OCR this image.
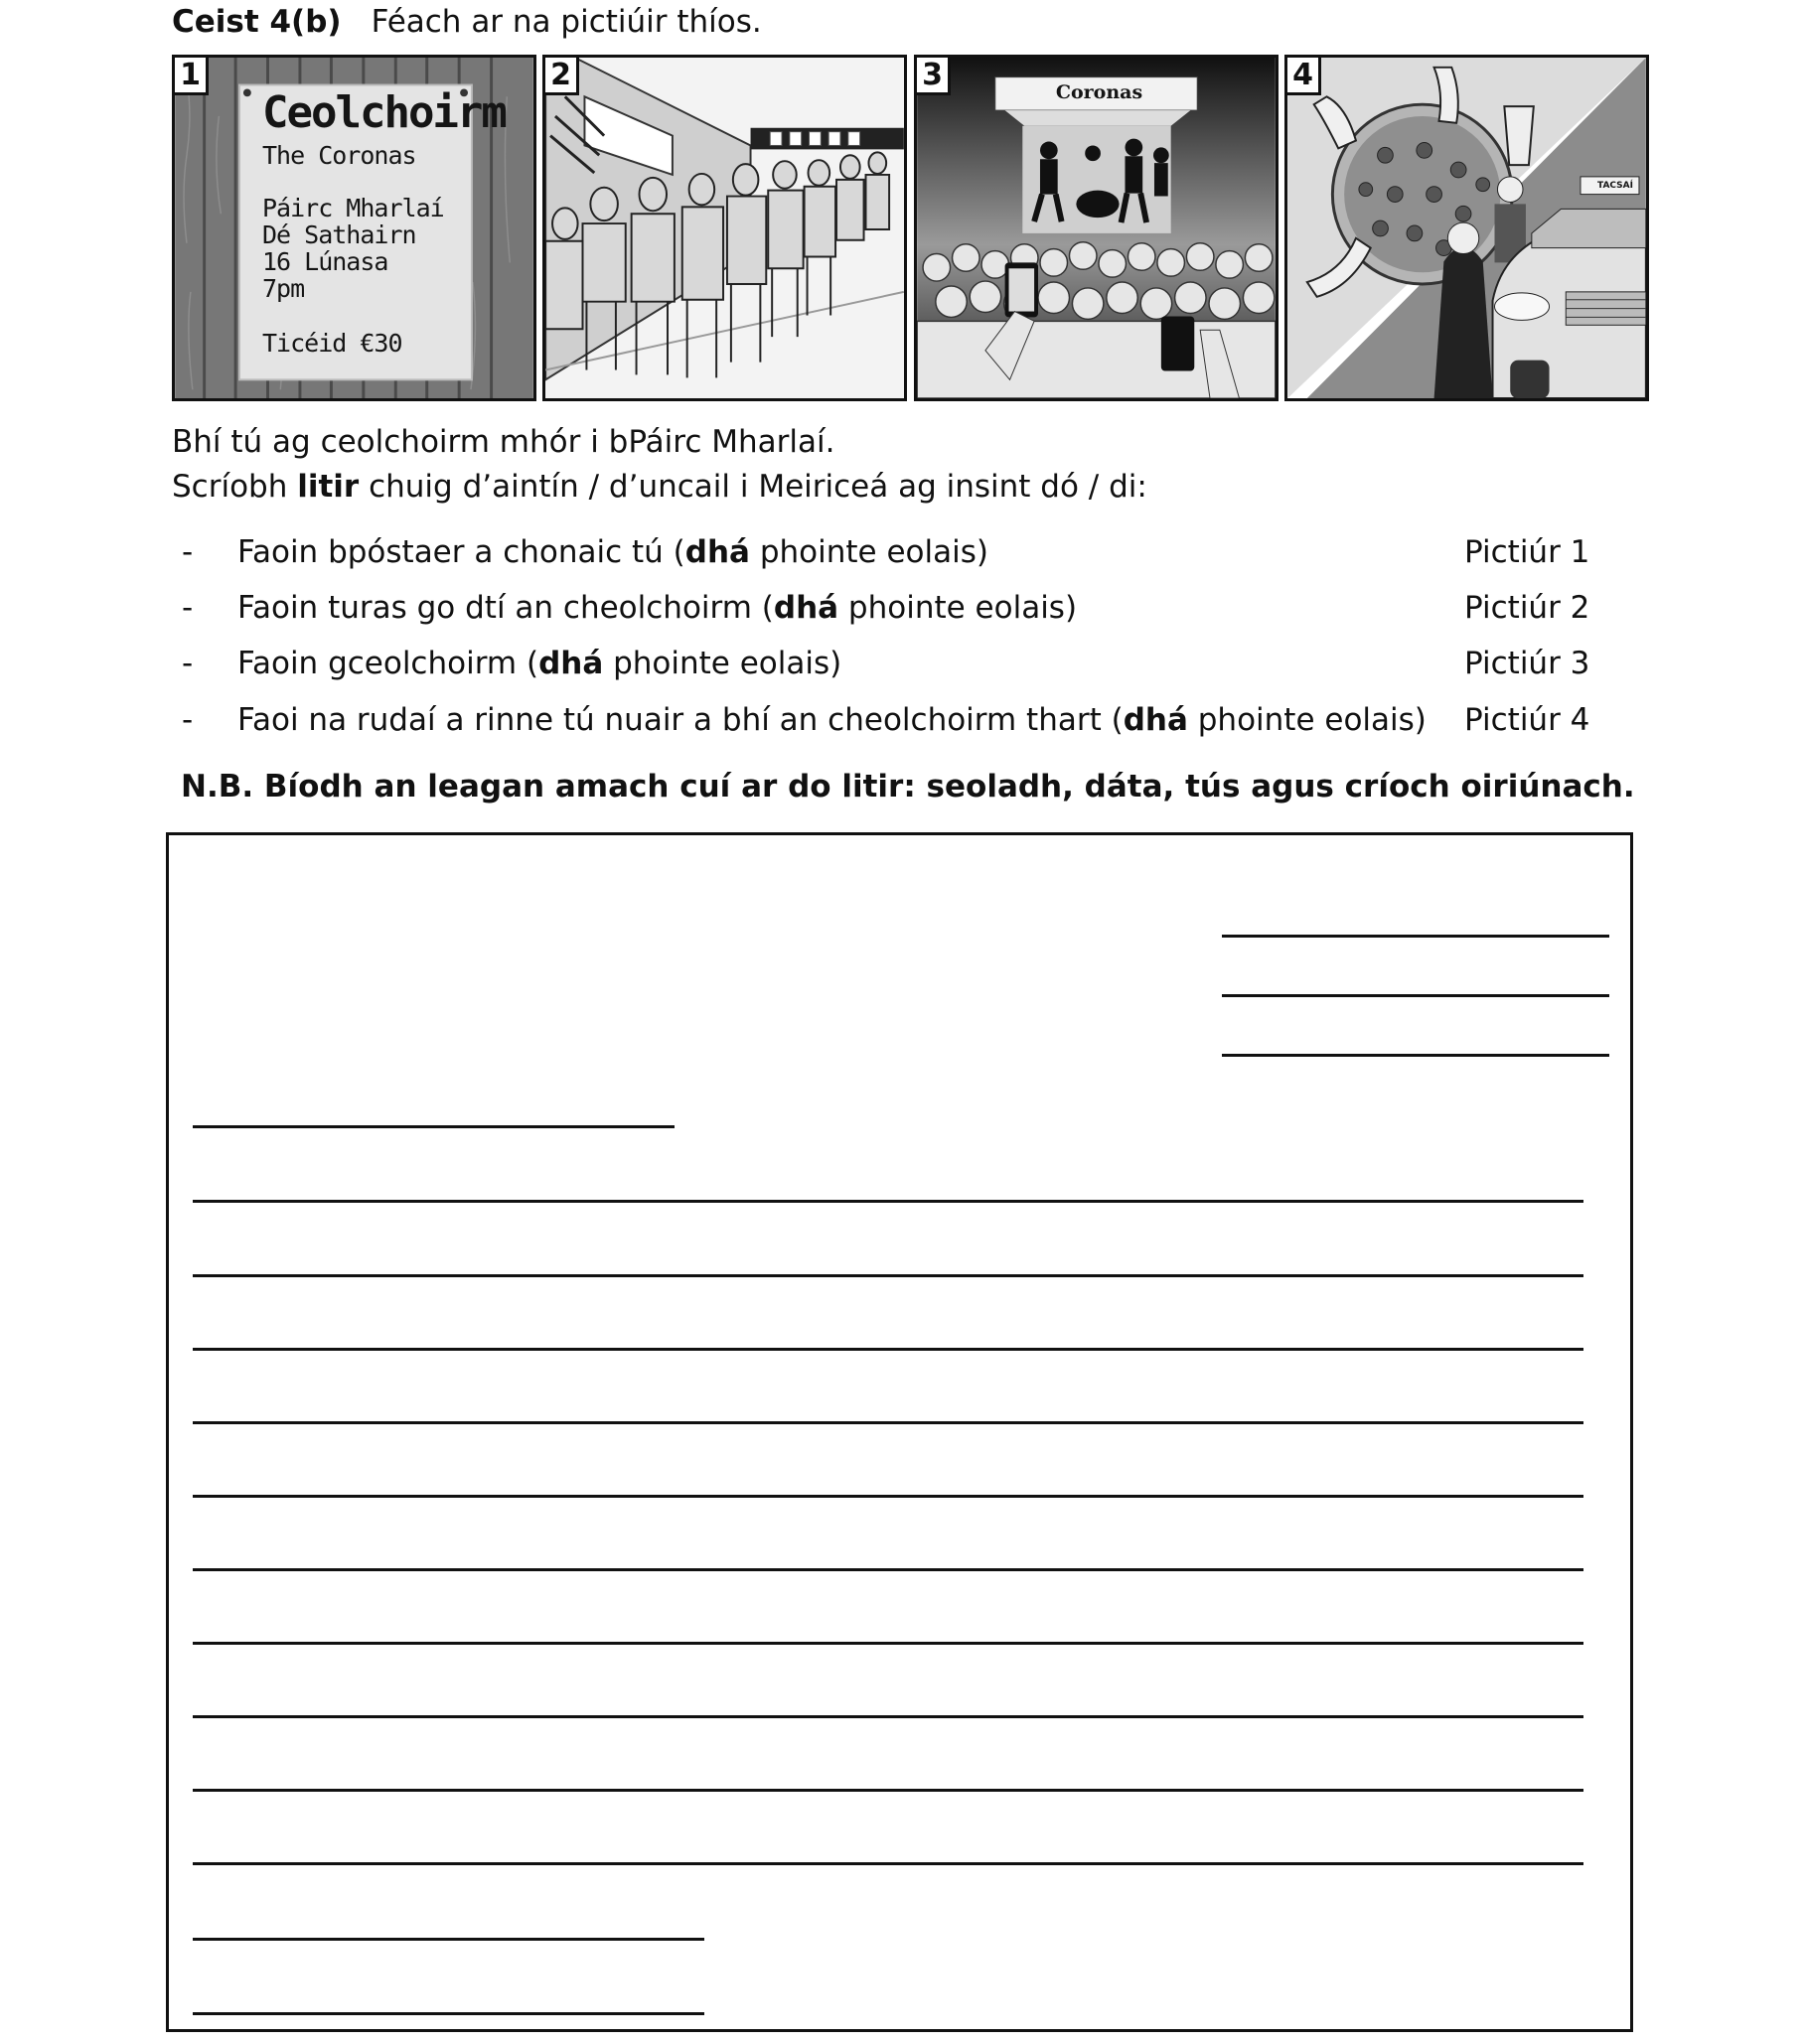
Ceist 4(b) Féach ar na pictiúir thíos.
1
Ceolchoirm
The Coronas
Páirc Mharlaí
Dé Sathairn
16 Lúnasa
7pm
Ticéid €30
2	3	Coronas	4
TACSAÍ
Bhí tú ag ceolchoirm mhór i bPáirc Mharlaí.
Scríobh litir chuig d’aintín / d’uncail i Meiriceá ag insint dó / di:
- Faoin bpóstaer a chonaic tú (dhá phointe eolais)	Pictiúr 1
- Faoin turas go dtí an cheolchoirm (dhá phointe eolais)	Pictiúr 2
- Faoin gceolchoirm (dhá phointe eolais)	Pictiúr 3
- Faoi na rudaí a rinne tú nuair a bhí an cheolchoirm thart (dhá phointe eolais) Pictiúr 4
N.B. Bíodh an leagan amach cuí ar do litir: seoladh, dáta, tús agus críoch oiriúnach.
